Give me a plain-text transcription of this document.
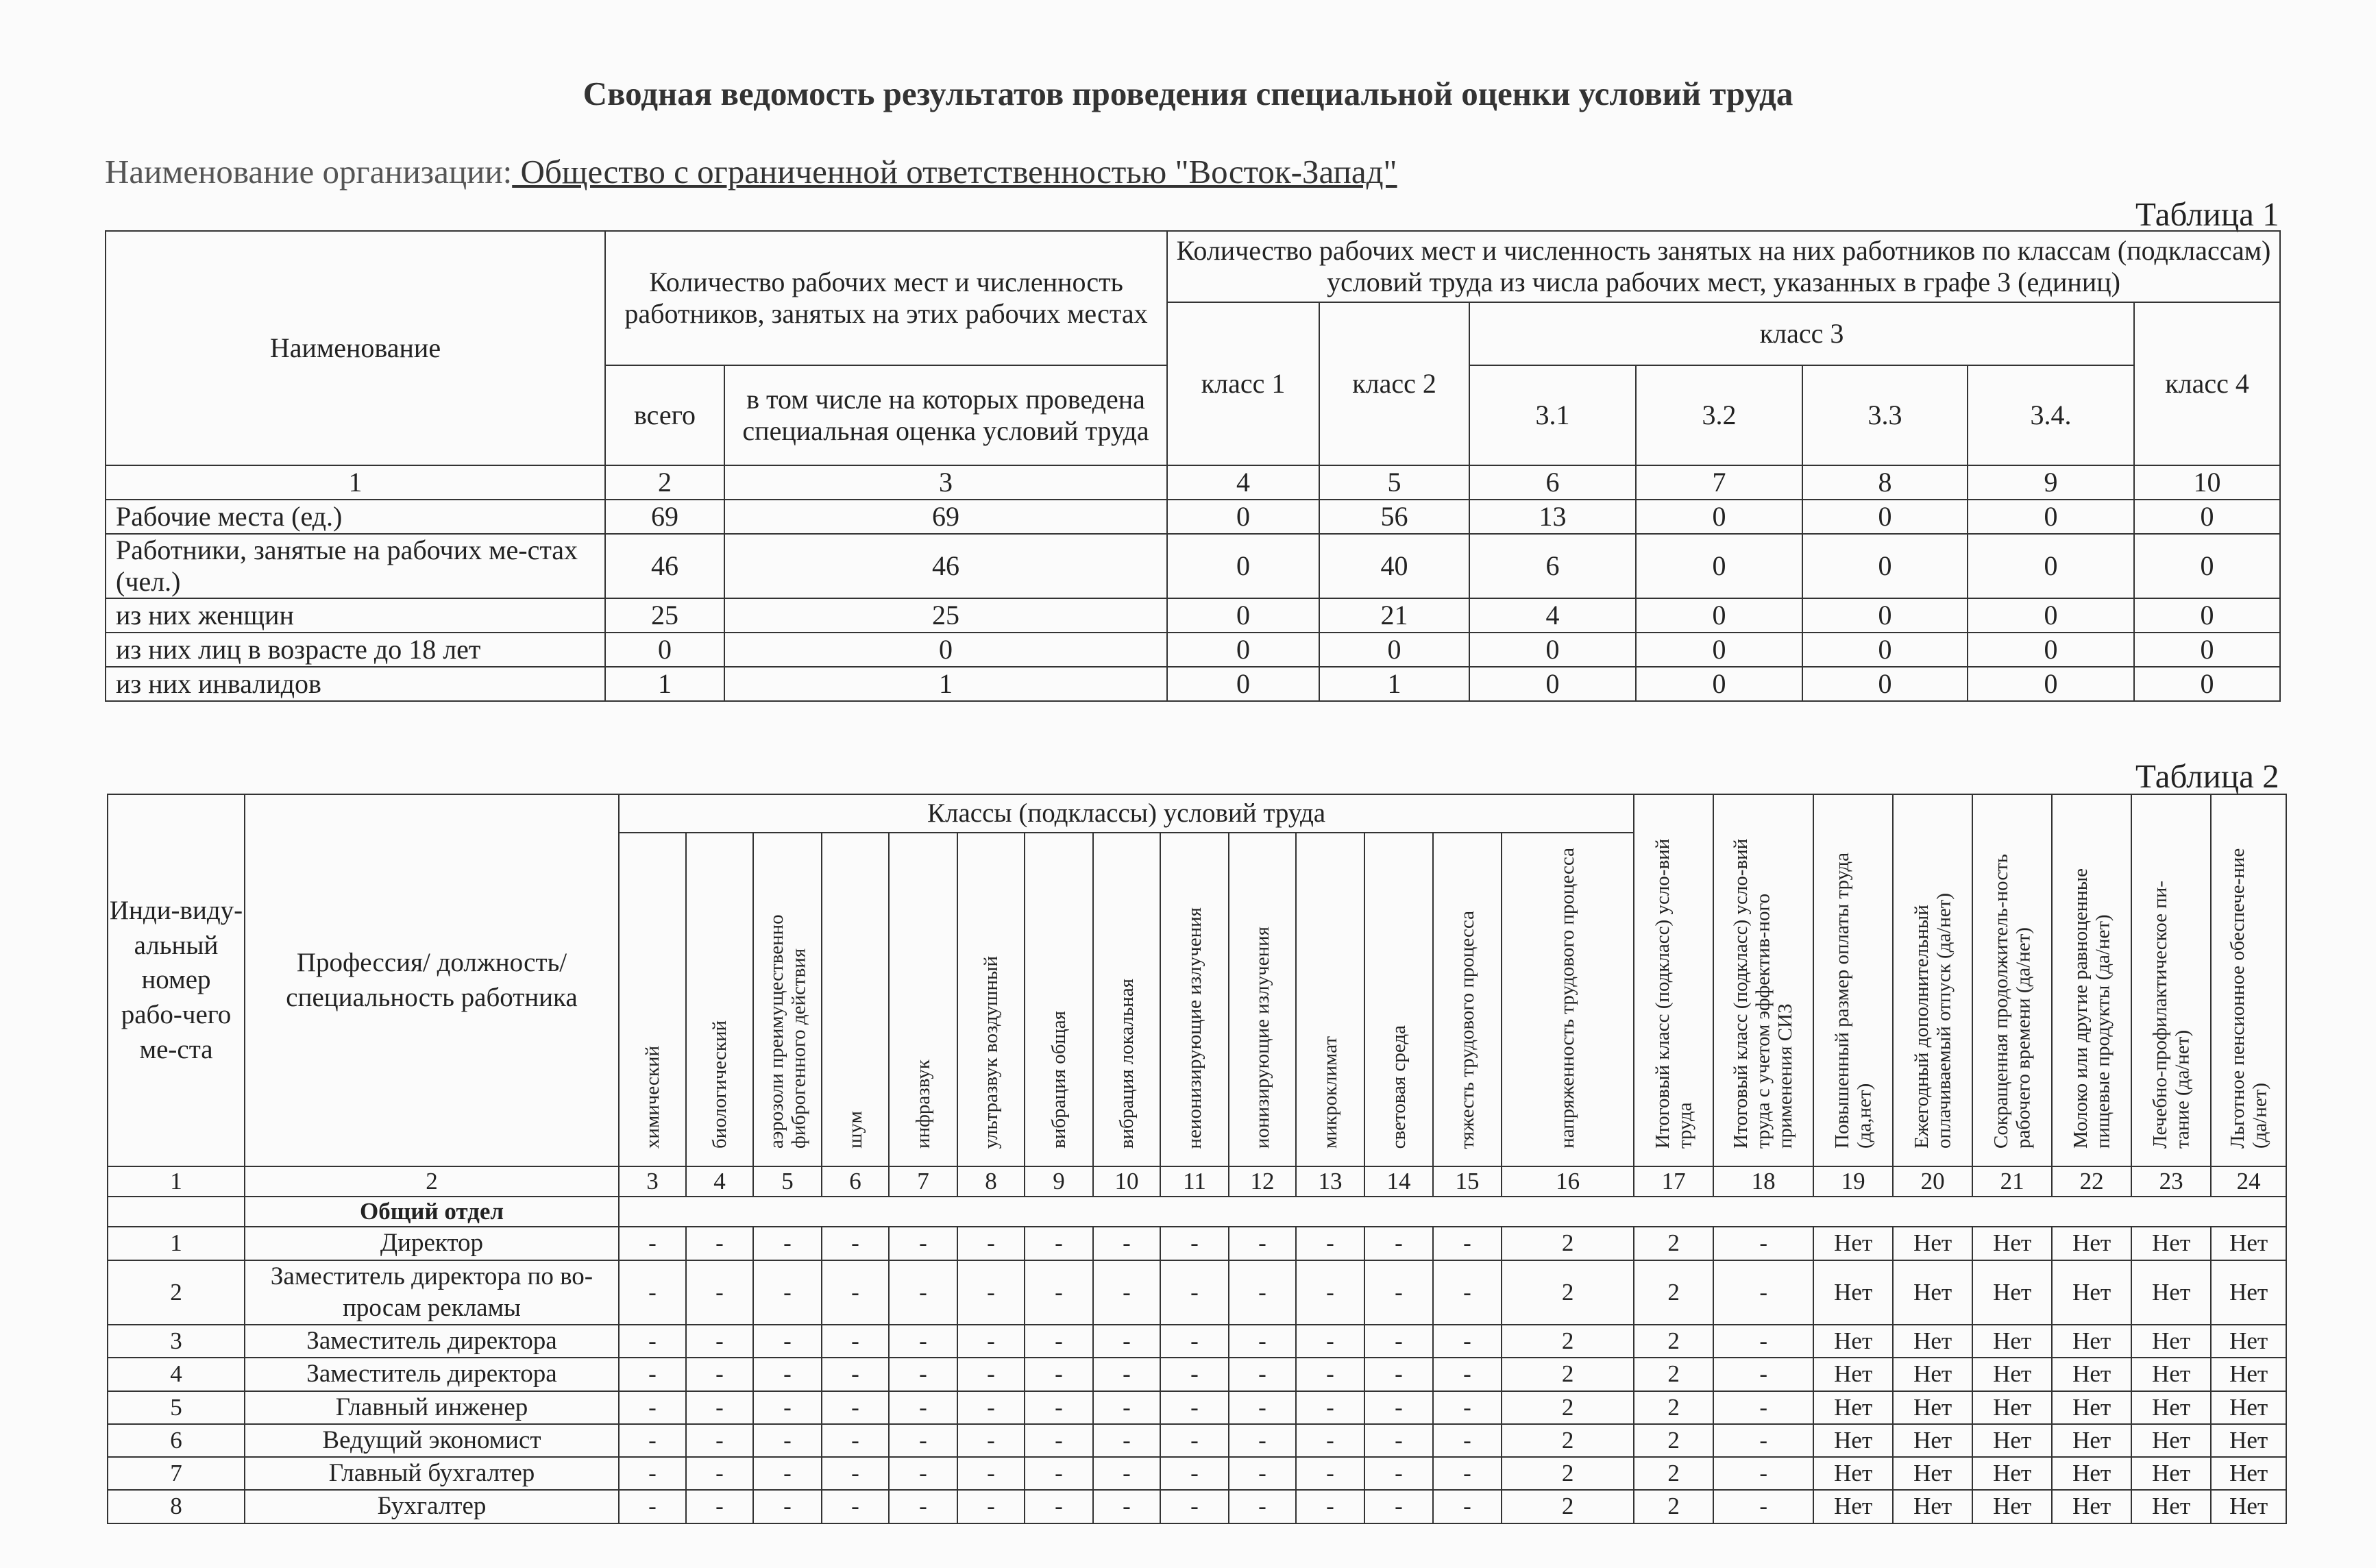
Сводная ведомость результатов проведения специальной оценки условий труда
Наименование организации: Общество с ограниченной ответственностью "Восток-Запад"
Таблица 1
Наименование	Количество рабочих мест и численность работников, занятых на этих рабочих местах		Количество рабочих мест и численность занятых на них работников по классам (подклассам) условий труда из числа рабочих мест, указанных в графе 3 (единиц)						
			класс 1	класс 2	класс 3				класс 4
	всего	в том числе на которых проведена специальная оценка условий труда			3.1	3.2	3.3	3.4.	
1	2	3	4	5	6	7	8	9	10
Рабочие места (ед.)	69	69	0	56	13	0	0	0	0
Работники, занятые на рабочих ме-стах (чел.)	46	46	0	40	6	0	0	0	0
из них женщин	25	25	0	21	4	0	0	0	0
из них лиц в возрасте до 18 лет	0	0	0	0	0	0	0	0	0
из них инвалидов	1	1	0	1	0	0	0	0	0
Таблица 2
Инди-виду-альный номер рабо-чего ме-ста	Профессия/ должность/ специальность работника	Классы (подклассы) условий труда														Итоговый класс (подкласс) усло-вий труда	Итоговый класс (подкласс) усло-вий труда с учетом эффектив-ного применения СИЗ	Повышенный размер оплаты труда (да,нет)	Ежегодный дополнительный оплачиваемый отпуск (да/нет)	Сокращенная продолжитель-ность рабочего времени (да/нет)	Молоко или другие равноценные пищевые продукты (да/нет)	Лечебно-профилактическое пи-тание (да/нет)	Льготное пенсионное обеспече-ние (да/нет)
		химический	биологический	аэрозоли преимущественно фиброгенного действия	шум	инфразвук	ультразвук воздушный	вибрация общая	вибрация локальная	неионизирующие излучения	ионизирующие излучения	микроклимат	световая среда	тяжесть трудового процесса	напряженность трудового процесса								
1	2	3	4	5	6	7	8	9	10	11	12	13	14	15	16	17	18	19	20	21	22	23	24
	Общий отдел																						
1	Директор	-	-	-	-	-	-	-	-	-	-	-	-	-	2	2	-	Нет	Нет	Нет	Нет	Нет	Нет
2	Заместитель директора по во-просам рекламы	-	-	-	-	-	-	-	-	-	-	-	-	-	2	2	-	Нет	Нет	Нет	Нет	Нет	Нет
3	Заместитель директора	-	-	-	-	-	-	-	-	-	-	-	-	-	2	2	-	Нет	Нет	Нет	Нет	Нет	Нет
4	Заместитель директора	-	-	-	-	-	-	-	-	-	-	-	-	-	2	2	-	Нет	Нет	Нет	Нет	Нет	Нет
5	Главный инженер	-	-	-	-	-	-	-	-	-	-	-	-	-	2	2	-	Нет	Нет	Нет	Нет	Нет	Нет
6	Ведущий экономист	-	-	-	-	-	-	-	-	-	-	-	-	-	2	2	-	Нет	Нет	Нет	Нет	Нет	Нет
7	Главный бухгалтер	-	-	-	-	-	-	-	-	-	-	-	-	-	2	2	-	Нет	Нет	Нет	Нет	Нет	Нет
8	Бухгалтер	-	-	-	-	-	-	-	-	-	-	-	-	-	2	2	-	Нет	Нет	Нет	Нет	Нет	Нет
